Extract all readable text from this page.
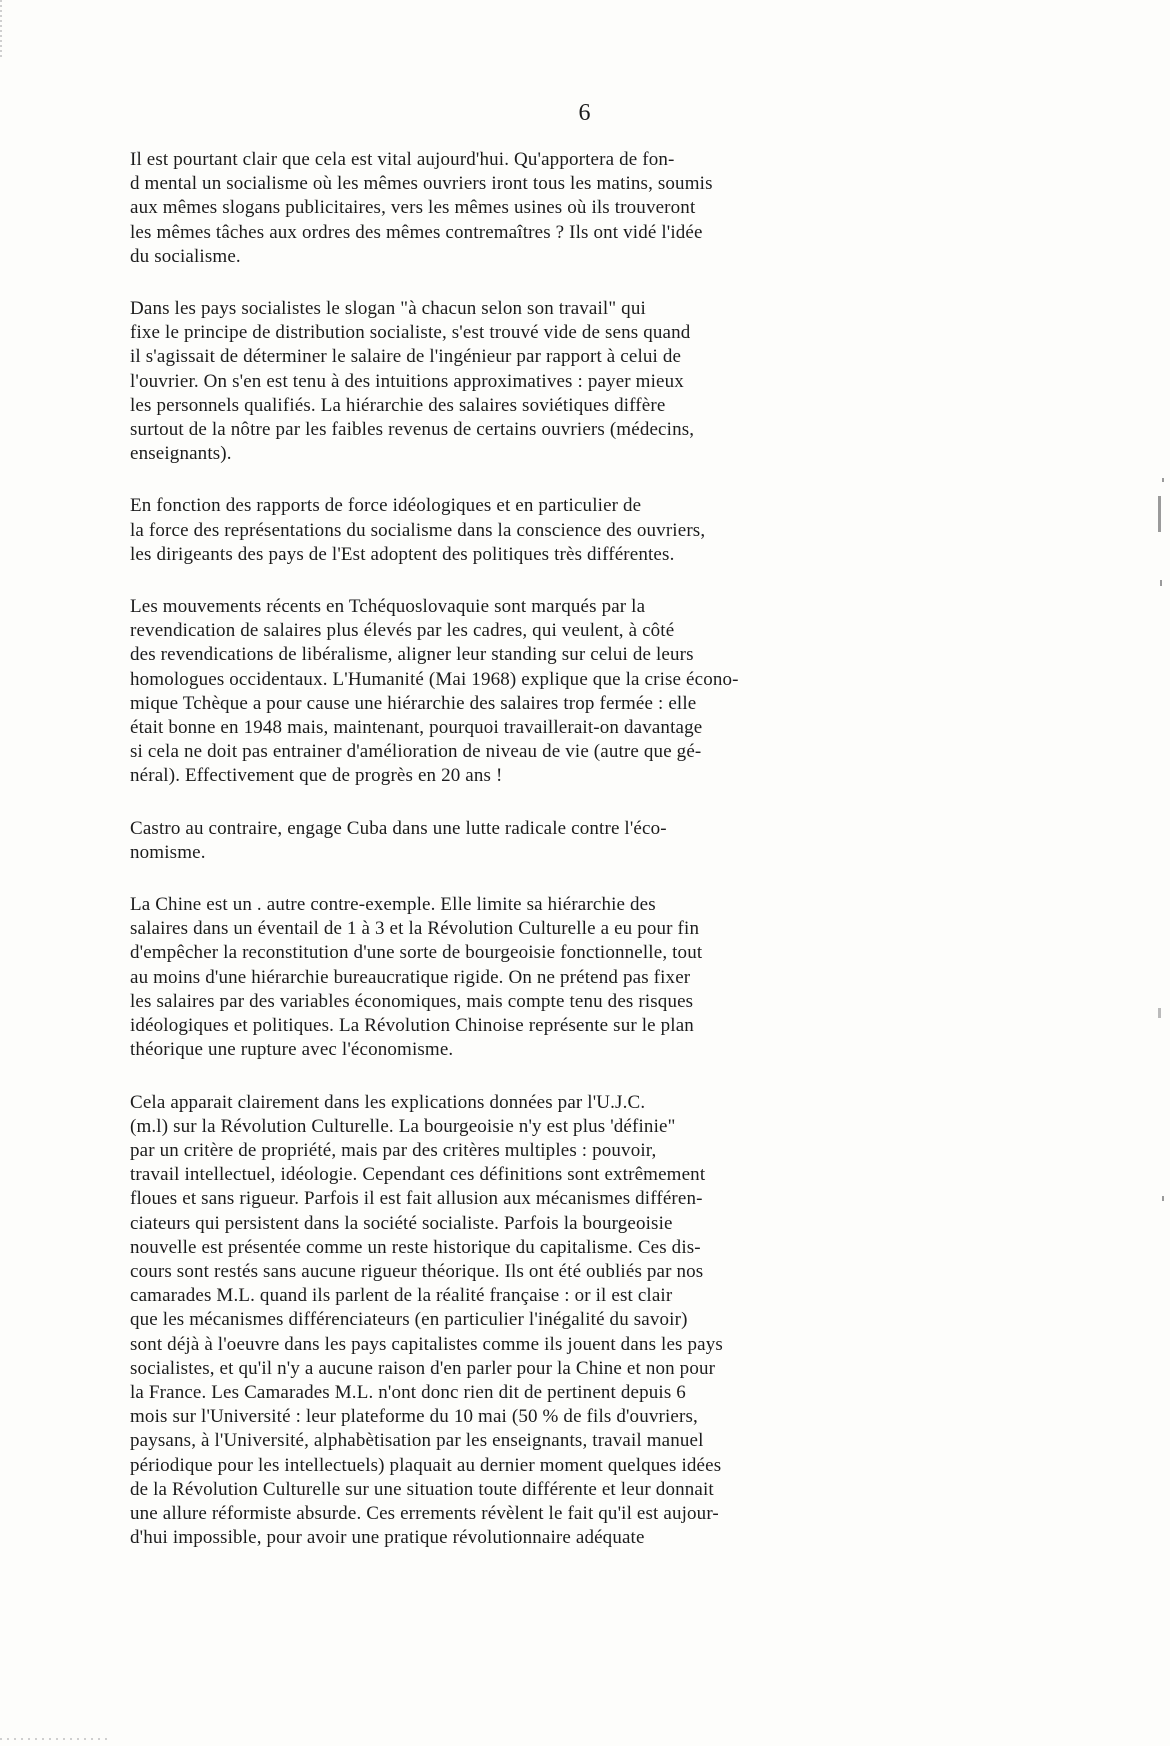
6
Il est pourtant clair que cela est vital aujourd'hui. Qu'apportera de fon-
d mental un socialisme où les mêmes ouvriers iront tous les matins, soumis
aux mêmes slogans publicitaires, vers les mêmes usines où ils trouveront
les mêmes tâches aux ordres des mêmes contremaîtres ? Ils ont vidé l'idée
du socialisme.
Dans les pays socialistes le slogan "à chacun selon son travail" qui
fixe le principe de distribution socialiste, s'est trouvé vide de sens quand
il s'agissait de déterminer le salaire de l'ingénieur par rapport à celui de
l'ouvrier. On s'en est tenu à des intuitions approximatives : payer mieux
les personnels qualifiés. La hiérarchie des salaires soviétiques diffère
surtout de la nôtre par les faibles revenus de certains ouvriers (médecins,
enseignants).
En fonction des rapports de force idéologiques et en particulier de
la force des représentations du socialisme dans la conscience des ouvriers,
les dirigeants des pays de l'Est adoptent des politiques très différentes.
Les mouvements récents en Tchéquoslovaquie sont marqués par la
revendication de salaires plus élevés par les cadres, qui veulent, à côté
des revendications de libéralisme, aligner leur standing sur celui de leurs
homologues occidentaux. L'Humanité (Mai 1968) explique que la crise écono-
mique Tchèque a pour cause une hiérarchie des salaires trop fermée : elle
était bonne en 1948 mais, maintenant, pourquoi travaillerait-on davantage
si cela ne doit pas entrainer d'amélioration de niveau de vie (autre que gé-
néral). Effectivement que de progrès en 20 ans !
Castro au contraire, engage Cuba dans une lutte radicale contre l'éco-
nomisme.
La Chine est un . autre contre-exemple. Elle limite sa hiérarchie des
salaires dans un éventail de 1 à 3 et la Révolution Culturelle a eu pour fin
d'empêcher la reconstitution d'une sorte de bourgeoisie fonctionnelle, tout
au moins d'une hiérarchie bureaucratique rigide. On ne prétend pas fixer
les salaires par des variables économiques, mais compte tenu des risques
idéologiques et politiques. La Révolution Chinoise représente sur le plan
théorique une rupture avec l'économisme.
Cela apparait clairement dans les explications données par l'U.J.C.
(m.l) sur la Révolution Culturelle. La bourgeoisie n'y est plus 'définie"
par un critère de propriété, mais par des critères multiples : pouvoir,
travail intellectuel, idéologie. Cependant ces définitions sont extrêmement
floues et sans rigueur. Parfois il est fait allusion aux mécanismes différen-
ciateurs qui persistent dans la société socialiste. Parfois la bourgeoisie
nouvelle est présentée comme un reste historique du capitalisme. Ces dis-
cours sont restés sans aucune rigueur théorique. Ils ont été oubliés par nos
camarades M.L. quand ils parlent de la réalité française : or il est clair
que les mécanismes différenciateurs (en particulier l'inégalité du savoir)
sont déjà à l'oeuvre dans les pays capitalistes comme ils jouent dans les pays
socialistes, et qu'il n'y a aucune raison d'en parler pour la Chine et non pour
la France. Les Camarades M.L. n'ont donc rien dit de pertinent depuis 6
mois sur l'Université : leur plateforme du 10 mai (50 % de fils d'ouvriers,
paysans, à l'Université, alphabètisation par les enseignants, travail manuel
périodique pour les intellectuels) plaquait au dernier moment quelques idées
de la Révolution Culturelle sur une situation toute différente et leur donnait
une allure réformiste absurde. Ces errements révèlent le fait qu'il est aujour-
d'hui impossible, pour avoir une pratique révolutionnaire adéquate
